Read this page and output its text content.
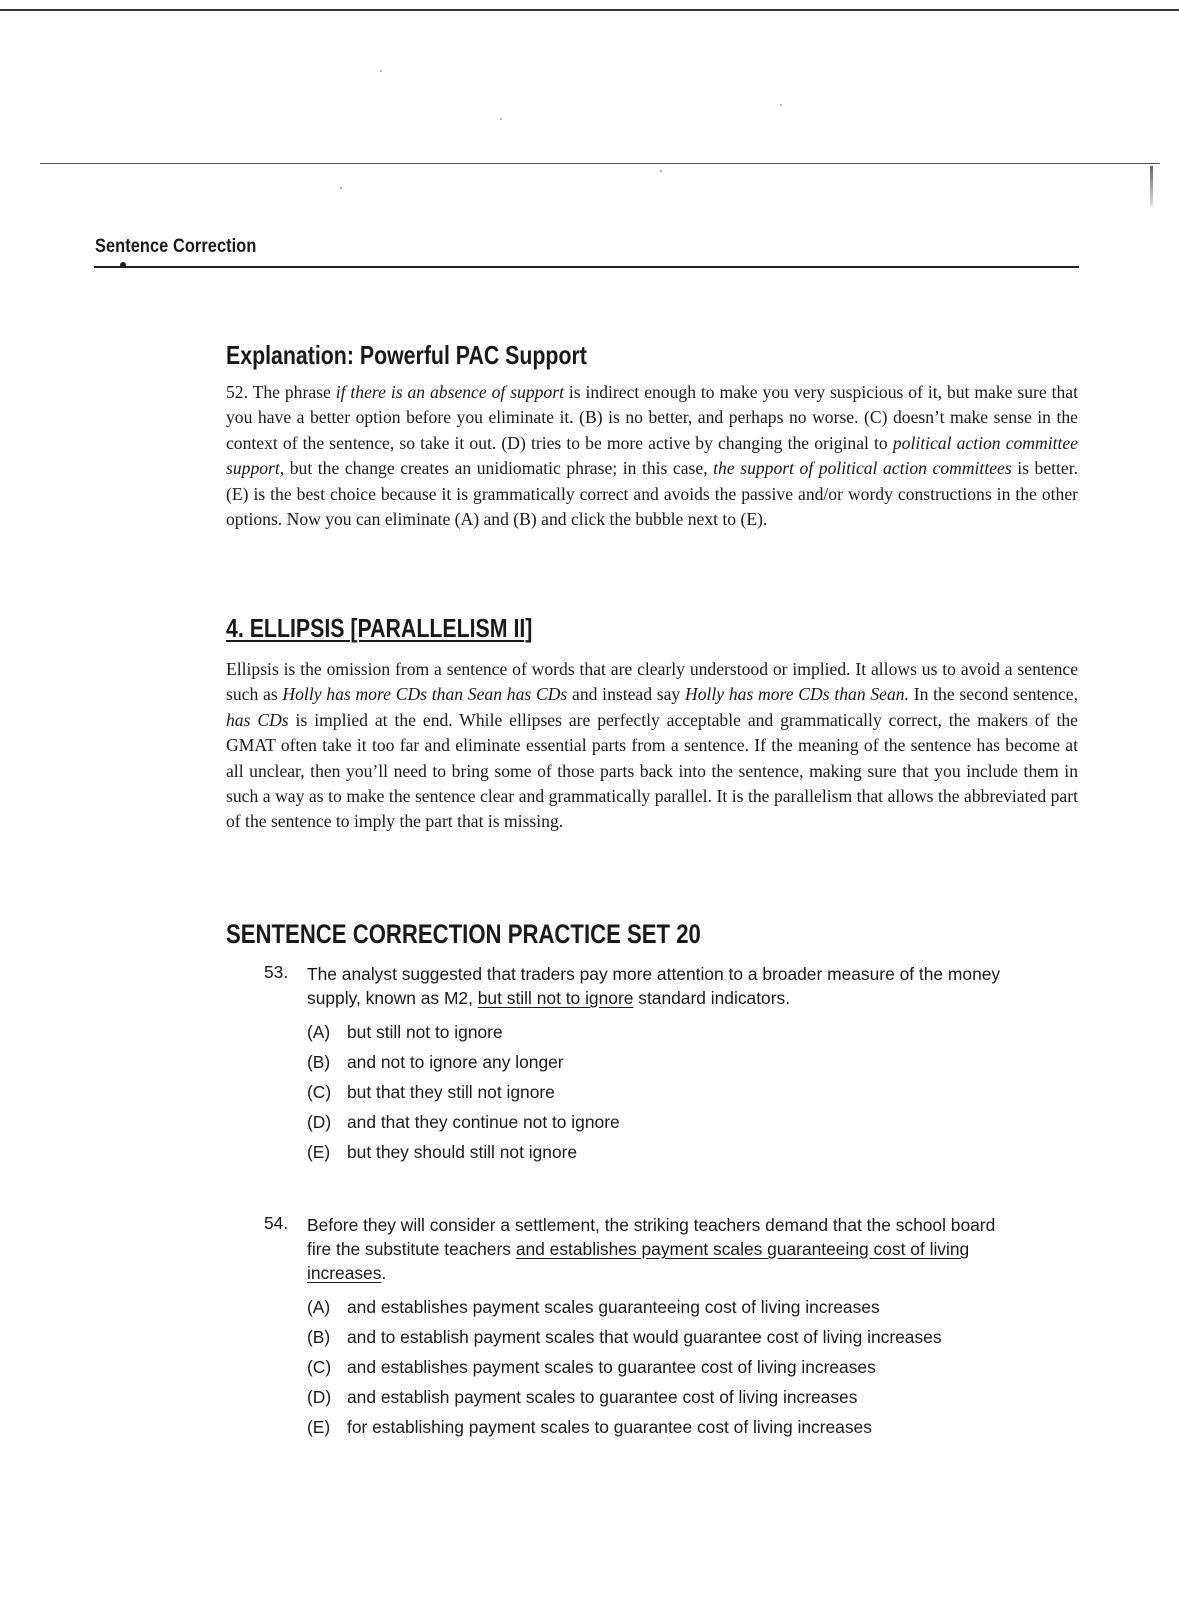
Sentence Correction
Explanation: Powerful PAC Support

52. The phrase if there is an absence of support is indirect enough to make you very suspicious of it, but make sure that you have a better option before you eliminate it. (B) is no better, and perhaps no worse. (C) doesn’t make sense in the context of the sentence, so take it out. (D) tries to be more active by changing the original to political action committee support, but the change creates an unidiomatic phrase; in this case, the support of political action committees is better. (E) is the best choice because it is grammatically correct and avoids the passive and/or wordy constructions in the other options. Now you can eliminate (A) and (B) and click the bubble next to (E).

4. ELLIPSIS [PARALLELISM II]

Ellipsis is the omission from a sentence of words that are clearly understood or implied. It allows us to avoid a sentence such as Holly has more CDs than Sean has CDs and instead say Holly has more CDs than Sean. In the second sentence, has CDs is implied at the end. While ellipses are perfectly acceptable and grammatically correct, the makers of the GMAT often take it too far and eliminate essential parts from a sentence. If the meaning of the sentence has become at all unclear, then you’ll need to bring some of those parts back into the sentence, making sure that you include them in such a way as to make the sentence clear and grammatically parallel. It is the parallelism that allows the abbreviated part of the sentence to imply the part that is missing.

SENTENCE CORRECTION PRACTICE SET 20
53. The analyst suggested that traders pay more attention to a broader measure of the money supply, known as M2, but still not to ignore standard indicators.
(A) but still not to ignore
(B) and not to ignore any longer
(C) but that they still not ignore
(D) and that they continue not to ignore
(E) but they should still not ignore
54. Before they will consider a settlement, the striking teachers demand that the school board fire the substitute teachers and establishes payment scales guaranteeing cost of living increases.
(A) and establishes payment scales guaranteeing cost of living increases
(B) and to establish payment scales that would guarantee cost of living increases
(C) and establishes payment scales to guarantee cost of living increases
(D) and establish payment scales to guarantee cost of living increases
(E) for establishing payment scales to guarantee cost of living increases
